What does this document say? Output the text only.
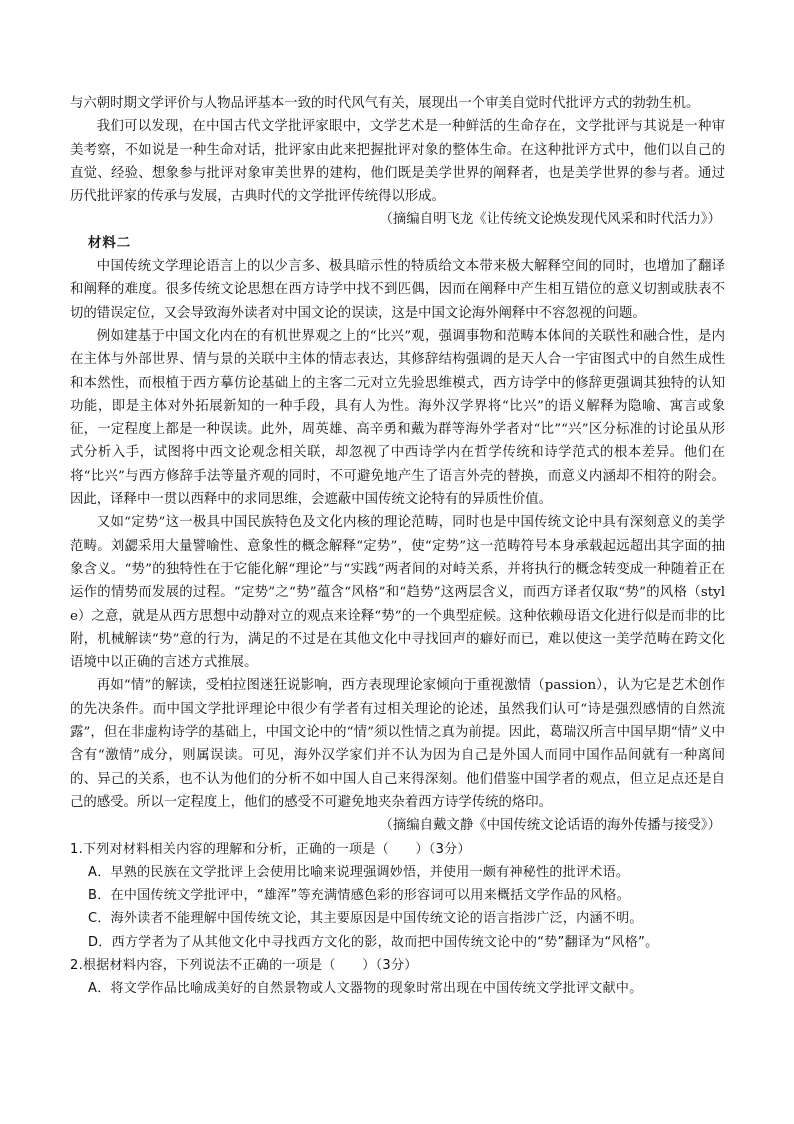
与六朝时期文学评价与人物品评基本一致的时代风气有关，展现出一个审美自觉时代批评方式的勃勃生机。

我们可以发现，在中国古代文学批评家眼中，文学艺术是一种鲜活的生命存在，文学批评与其说是一种审美考察，不如说是一种生命对话，批评家由此来把握批评对象的整体生命。在这种批评方式中，他们以自己的直觉、经验、想象参与批评对象审美世界的建构，他们既是美学世界的阐释者，也是美学世界的参与者。通过历代批评家的传承与发展，古典时代的文学批评传统得以形成。

（摘编自明飞龙《让传统文论焕发现代风采和时代活力》）

材料二

中国传统文学理论语言上的以少言多、极具暗示性的特质给文本带来极大解释空间的同时，也增加了翻译和阐释的难度。很多传统文论思想在西方诗学中找不到匹偶，因而在阐释中产生相互错位的意义切割或肤表不切的错误定位，又会导致海外读者对中国文论的误读，这是中国文论海外阐释中不容忽视的问题。

例如建基于中国文化内在的有机世界观之上的“比兴”观，强调事物和范畴本体间的关联性和融合性，是内在主体与外部世界、情与景的关联中主体的情志表达，其修辞结构强调的是天人合一宇宙图式中的自然生成性和本然性，而根植于西方摹仿论基础上的主客二元对立先验思维模式，西方诗学中的修辞更强调其独特的认知功能，即是主体对外拓展新知的一种手段，具有人为性。海外汉学界将“比兴”的语义解释为隐喻、寓言或象征，一定程度上都是一种误读。此外，周英雄、高辛勇和戴为群等海外学者对“比”“兴”区分标准的讨论虽从形式分析入手，试图将中西文论观念相关联，却忽视了中西诗学内在哲学传统和诗学范式的根本差异。他们在将“比兴”与西方修辞手法等量齐观的同时，不可避免地产生了语言外壳的替换，而意义内涵却不相符的附会。因此，译释中一贯以西释中的求同思维，会遮蔽中国传统文论特有的异质性价值。

又如“定势”这一极具中国民族特色及文化内核的理论范畴，同时也是中国传统文论中具有深刻意义的美学范畴。刘勰采用大量譬喻性、意象性的概念解释“定势”，使“定势”这一范畴符号本身承载起远超出其字面的抽象含义。“势”的独特性在于它能化解“理论”与“实践”两者间的对峙关系，并将执行的概念转变成一种随着正在运作的情势而发展的过程。“定势”之“势”蕴含“风格”和“趋势”这两层含义，而西方译者仅取“势”的风格（style）之意，就是从西方思想中动静对立的观点来诠释“势”的一个典型症候。这种依赖母语文化进行似是而非的比附，机械解读“势”意的行为，满足的不过是在其他文化中寻找回声的癖好而已，难以使这一美学范畴在跨文化语境中以正确的言述方式推展。

再如“情”的解读，受柏拉图迷狂说影响，西方表现理论家倾向于重视激情（passion），认为它是艺术创作的先决条件。而中国文学批评理论中很少有学者有过相关理论的论述，虽然我们认可“诗是强烈感情的自然流露”，但在非虚构诗学的基础上，中国文论中的“情”须以性情之真为前提。因此，葛瑞汉所言中国早期“情”义中含有“激情”成分，则属误读。可见，海外汉学家们并不认为因为自己是外国人而同中国作品间就有一种离间的、异己的关系，也不认为他们的分析不如中国人自己来得深刻。他们借鉴中国学者的观点，但立足点还是自己的感受。所以一定程度上，他们的感受不可避免地夹杂着西方诗学传统的烙印。

（摘编自戴文静《中国传统文论话语的海外传播与接受》）

1.下列对材料相关内容的理解和分析，正确的一项是（　　）（3分）

A．早熟的民族在文学批评上会使用比喻来说理强调妙悟，并使用一颇有神秘性的批评术语。

B．在中国传统文学批评中，“雄浑”等充满情感色彩的形容词可以用来概括文学作品的风格。

C．海外读者不能理解中国传统文论，其主要原因是中国传统文论的语言指涉广泛，内涵不明。

D．西方学者为了从其他文化中寻找西方文化的影，故而把中国传统文论中的“势”翻译为“风格”。

2.根据材料内容，下列说法不正确的一项是（　　）（3分）

A．将文学作品比喻成美好的自然景物或人文器物的现象时常出现在中国传统文学批评文献中。
